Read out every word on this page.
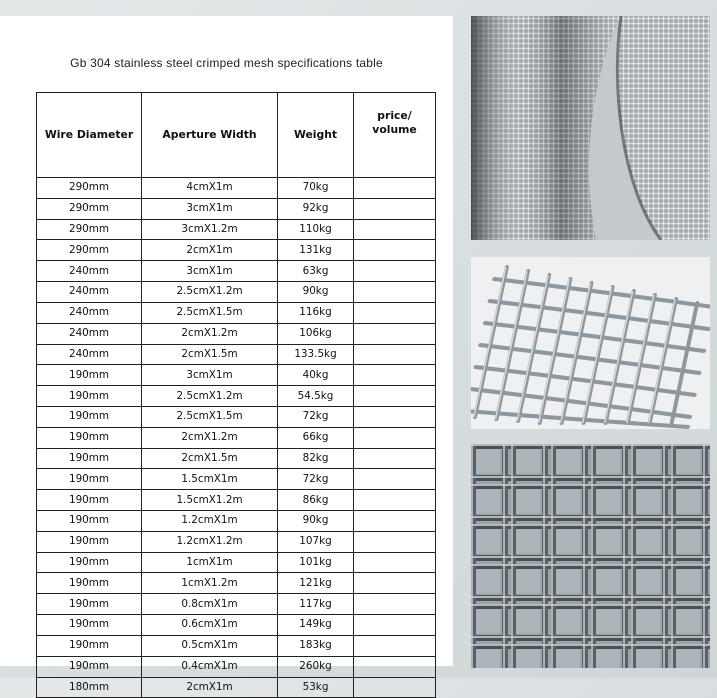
Gb 304 stainless steel crimped mesh specifications table
Wire Diameter	Aperture Width	Weight	price/
volume
290mm	4cmX1m	70kg	
290mm	3cmX1m	92kg	
290mm	3cmX1.2m	110kg	
290mm	2cmX1m	131kg	
240mm	3cmX1m	63kg	
240mm	2.5cmX1.2m	90kg	
240mm	2.5cmX1.5m	116kg	
240mm	2cmX1.2m	106kg	
240mm	2cmX1.5m	133.5kg	
190mm	3cmX1m	40kg	
190mm	2.5cmX1.2m	54.5kg	
190mm	2.5cmX1.5m	72kg	
190mm	2cmX1.2m	66kg	
190mm	2cmX1.5m	82kg	
190mm	1.5cmX1m	72kg	
190mm	1.5cmX1.2m	86kg	
190mm	1.2cmX1m	90kg	
190mm	1.2cmX1.2m	107kg	
190mm	1cmX1m	101kg	
190mm	1cmX1.2m	121kg	
190mm	0.8cmX1m	117kg	
190mm	0.6cmX1m	149kg	
190mm	0.5cmX1m	183kg	
190mm	0.4cmX1m	260kg	
180mm	2cmX1m	53kg	
